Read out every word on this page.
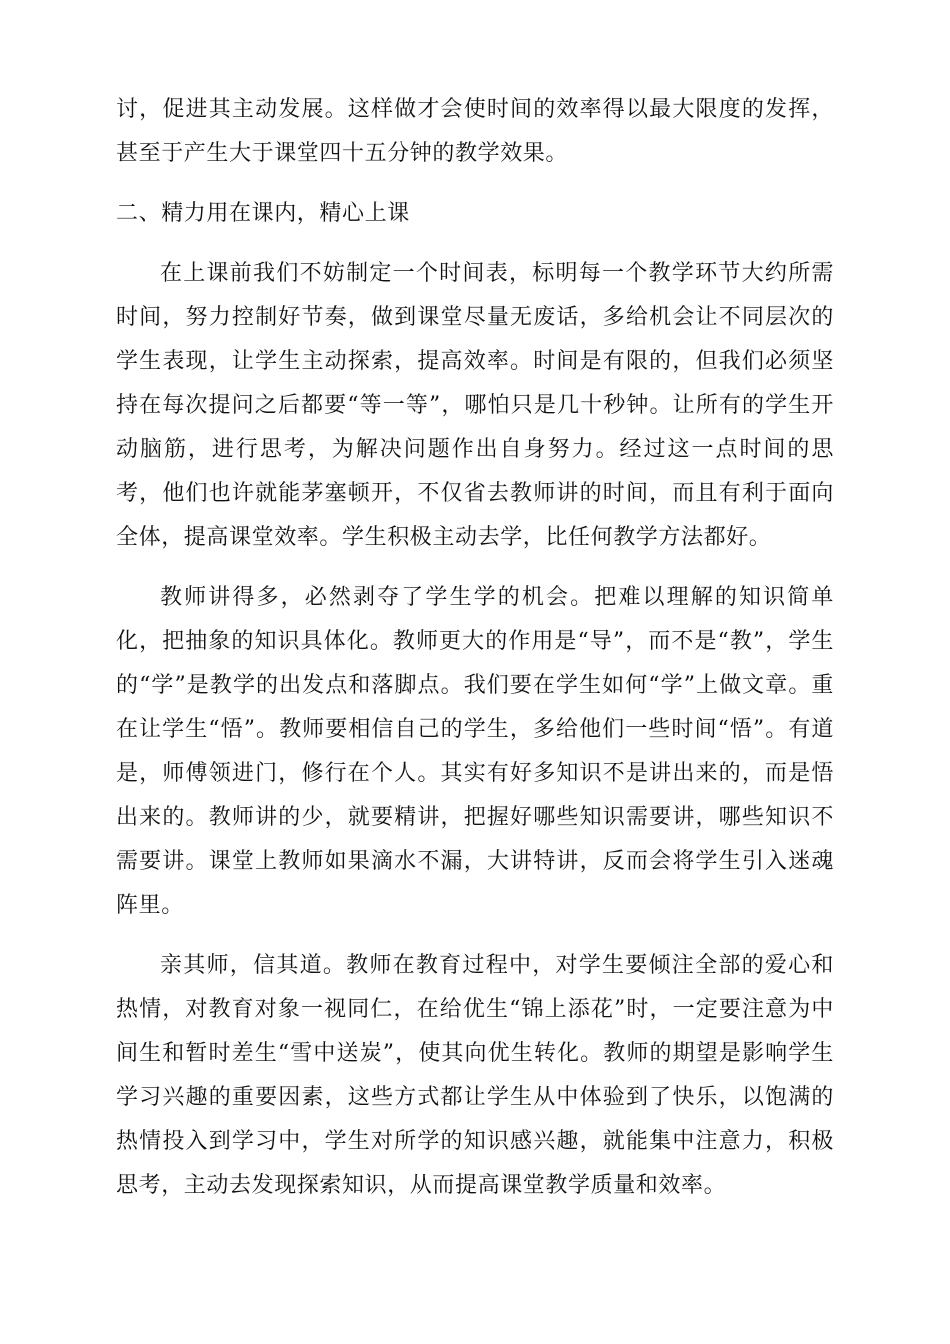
讨，促进其主动发展。这样做才会使时间的效率得以最大限度的发挥，甚至于产生大于课堂四十五分钟的教学效果。

二、精力用在课内，精心上课

在上课前我们不妨制定一个时间表，标明每一个教学环节大约所需时间，努力控制好节奏，做到课堂尽量无废话，多给机会让不同层次的学生表现，让学生主动探索，提高效率。时间是有限的，但我们必须坚持在每次提问之后都要“等一等”，哪怕只是几十秒钟。让所有的学生开动脑筋，进行思考，为解决问题作出自身努力。经过这一点时间的思考，他们也许就能茅塞顿开，不仅省去教师讲的时间，而且有利于面向全体，提高课堂效率。学生积极主动去学，比任何教学方法都好。

教师讲得多，必然剥夺了学生学的机会。把难以理解的知识简单化，把抽象的知识具体化。教师更大的作用是“导”，而不是“教”，学生的“学”是教学的出发点和落脚点。我们要在学生如何“学”上做文章。重在让学生“悟”。教师要相信自己的学生，多给他们一些时间“悟”。有道是，师傅领进门，修行在个人。其实有好多知识不是讲出来的，而是悟出来的。教师讲的少，就要精讲，把握好哪些知识需要讲，哪些知识不需要讲。课堂上教师如果滴水不漏，大讲特讲，反而会将学生引入迷魂阵里。

亲其师，信其道。教师在教育过程中，对学生要倾注全部的爱心和热情，对教育对象一视同仁，在给优生“锦上添花”时，一定要注意为中间生和暂时差生“雪中送炭”，使其向优生转化。教师的期望是影响学生学习兴趣的重要因素，这些方式都让学生从中体验到了快乐，以饱满的热情投入到学习中，学生对所学的知识感兴趣，就能集中注意力，积极思考，主动去发现探索知识，从而提高课堂教学质量和效率。
